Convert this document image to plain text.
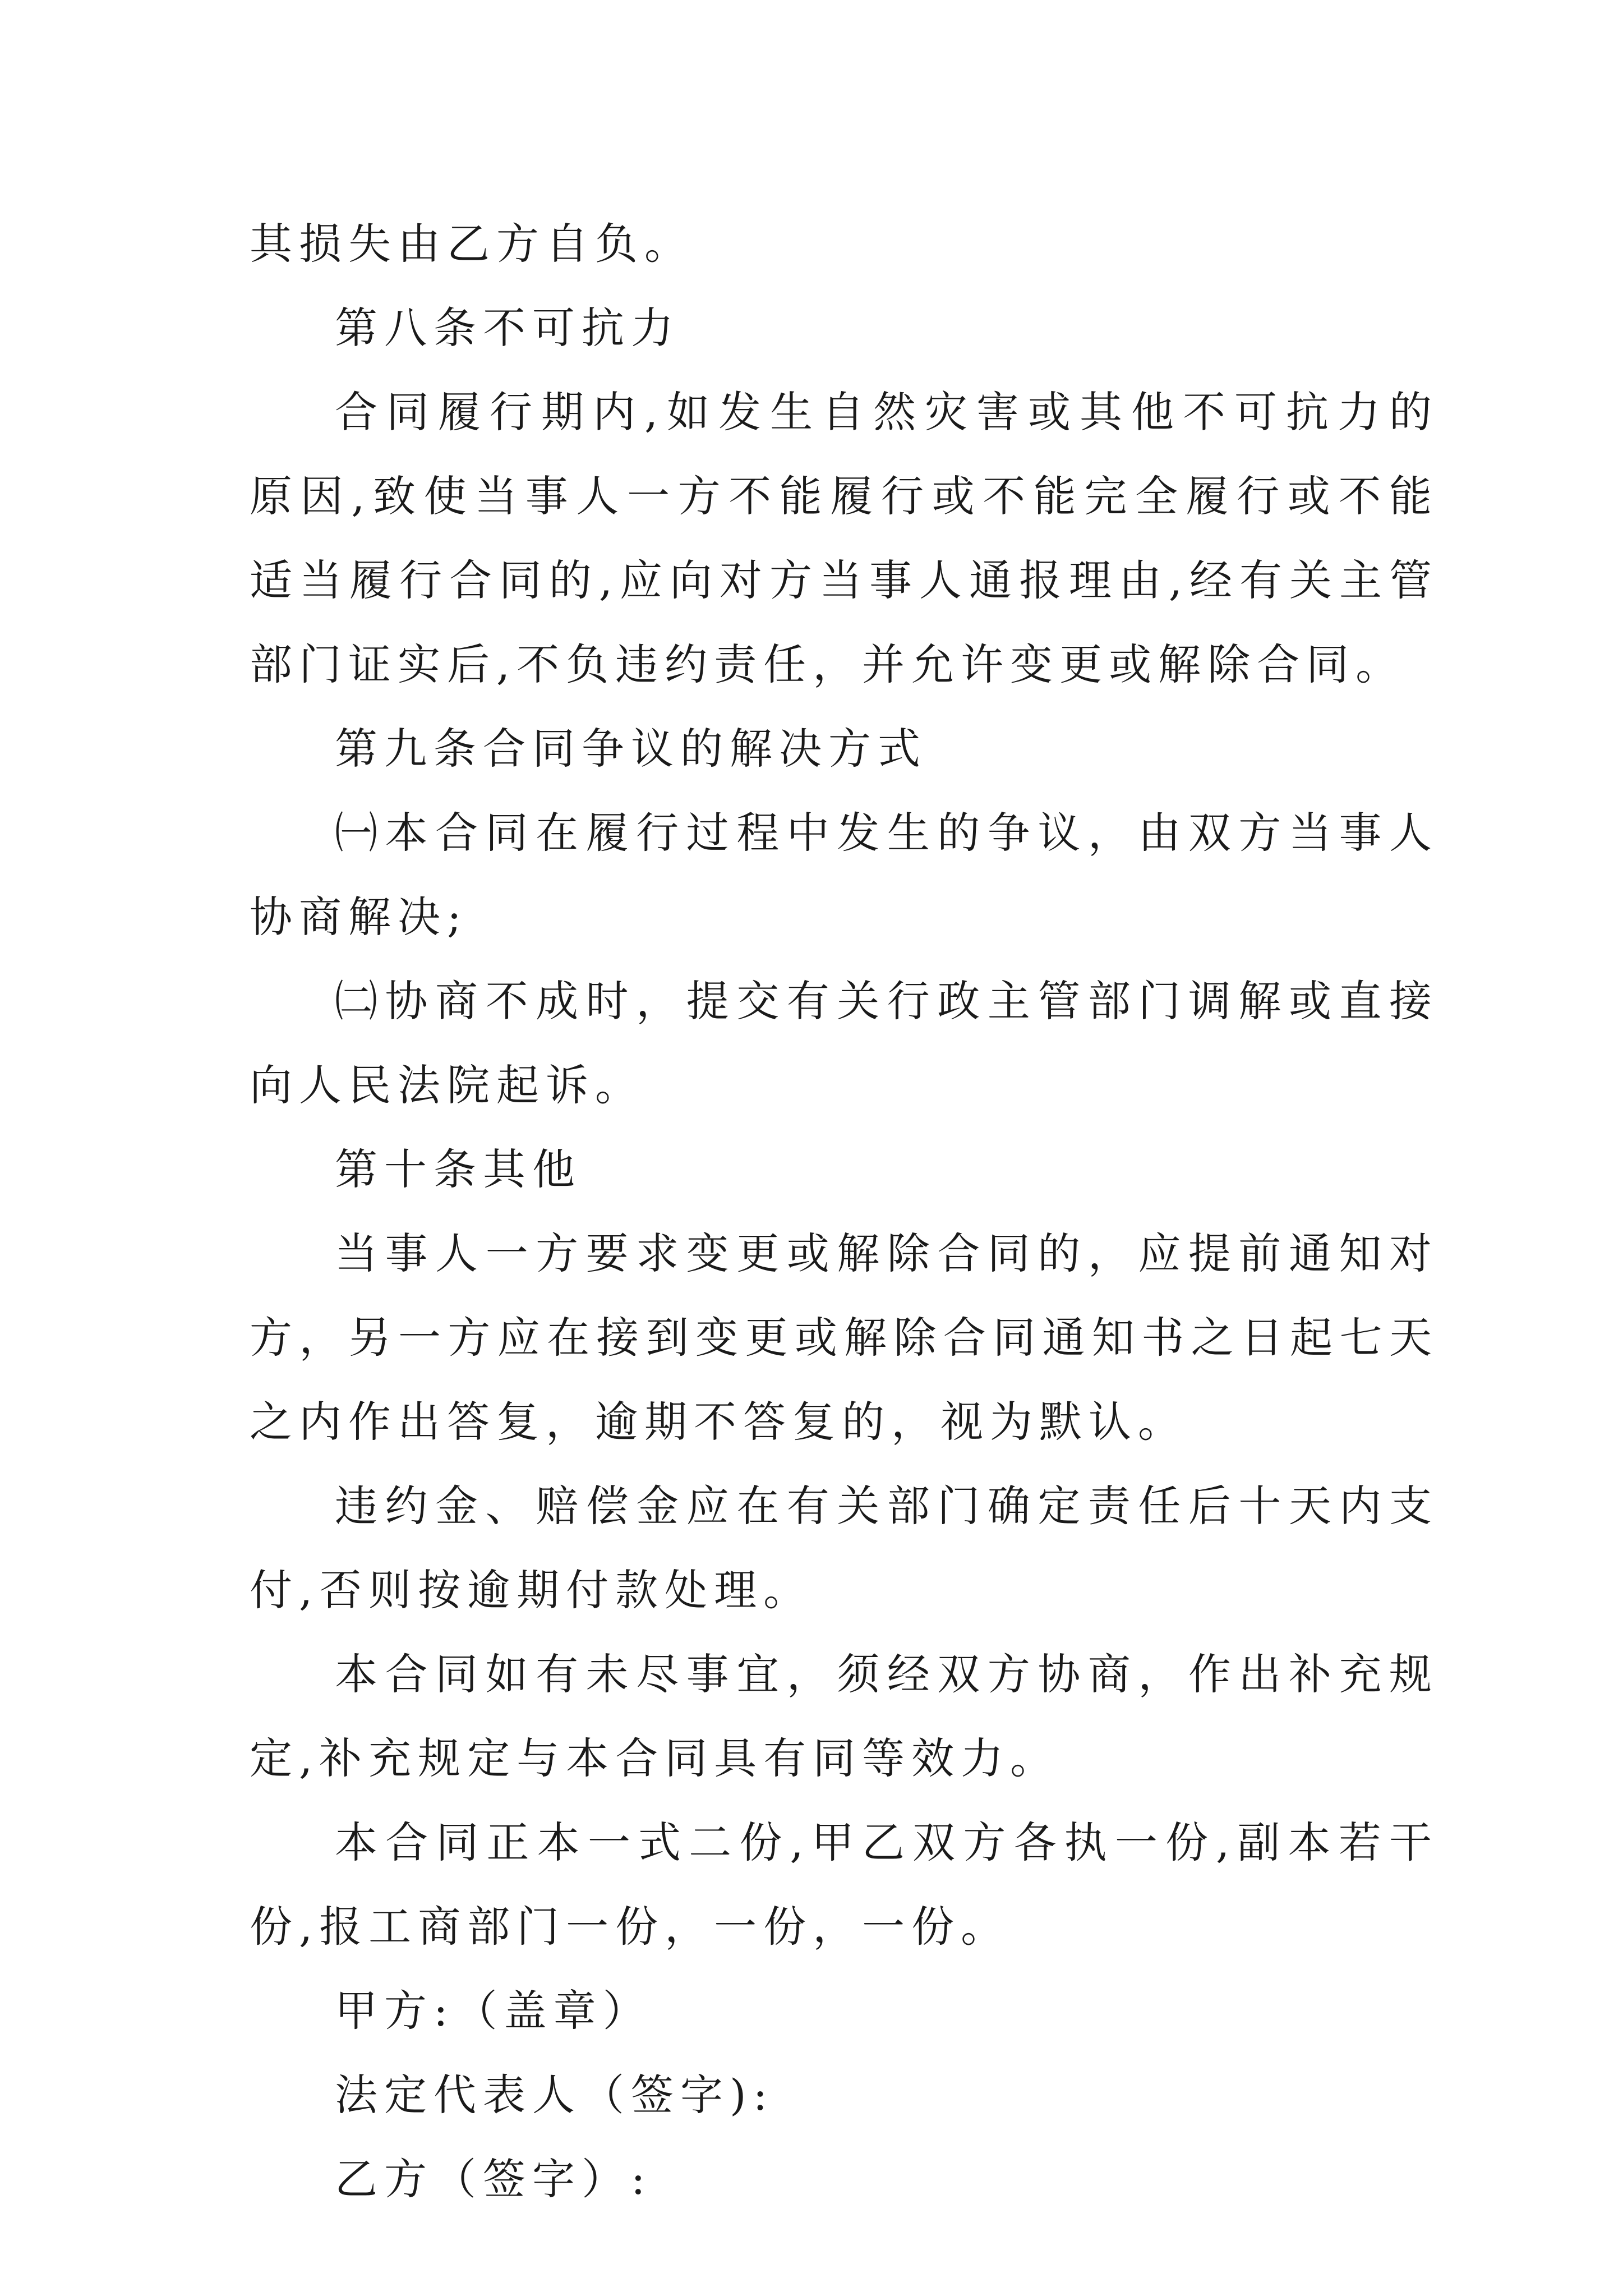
其损失由乙方自负。

第八条不可抗力

合同履行期内,如发生自然灾害或其他不可抗力的原因,致使当事人一方不能履行或不能完全履行或不能适当履行合同的,应向对方当事人通报理由,经有关主管部门证实后,不负违约责任，并允许变更或解除合同。

第九条合同争议的解决方式

㈠本合同在履行过程中发生的争议，由双方当事人协商解决;

㈡协商不成时，提交有关行政主管部门调解或直接向人民法院起诉。

第十条其他

当事人一方要求变更或解除合同的，应提前通知对方，另一方应在接到变更或解除合同通知书之日起七天之内作出答复，逾期不答复的，视为默认。

违约金、赔偿金应在有关部门确定责任后十天内支付,否则按逾期付款处理。

本合同如有未尽事宜，须经双方协商，作出补充规定,补充规定与本合同具有同等效力。

本合同正本一式二份,甲乙双方各执一份,副本若干份,报工商部门一份，一份，一份。

甲方:（盖章）

法定代表人（签字):

乙方（签字）:
